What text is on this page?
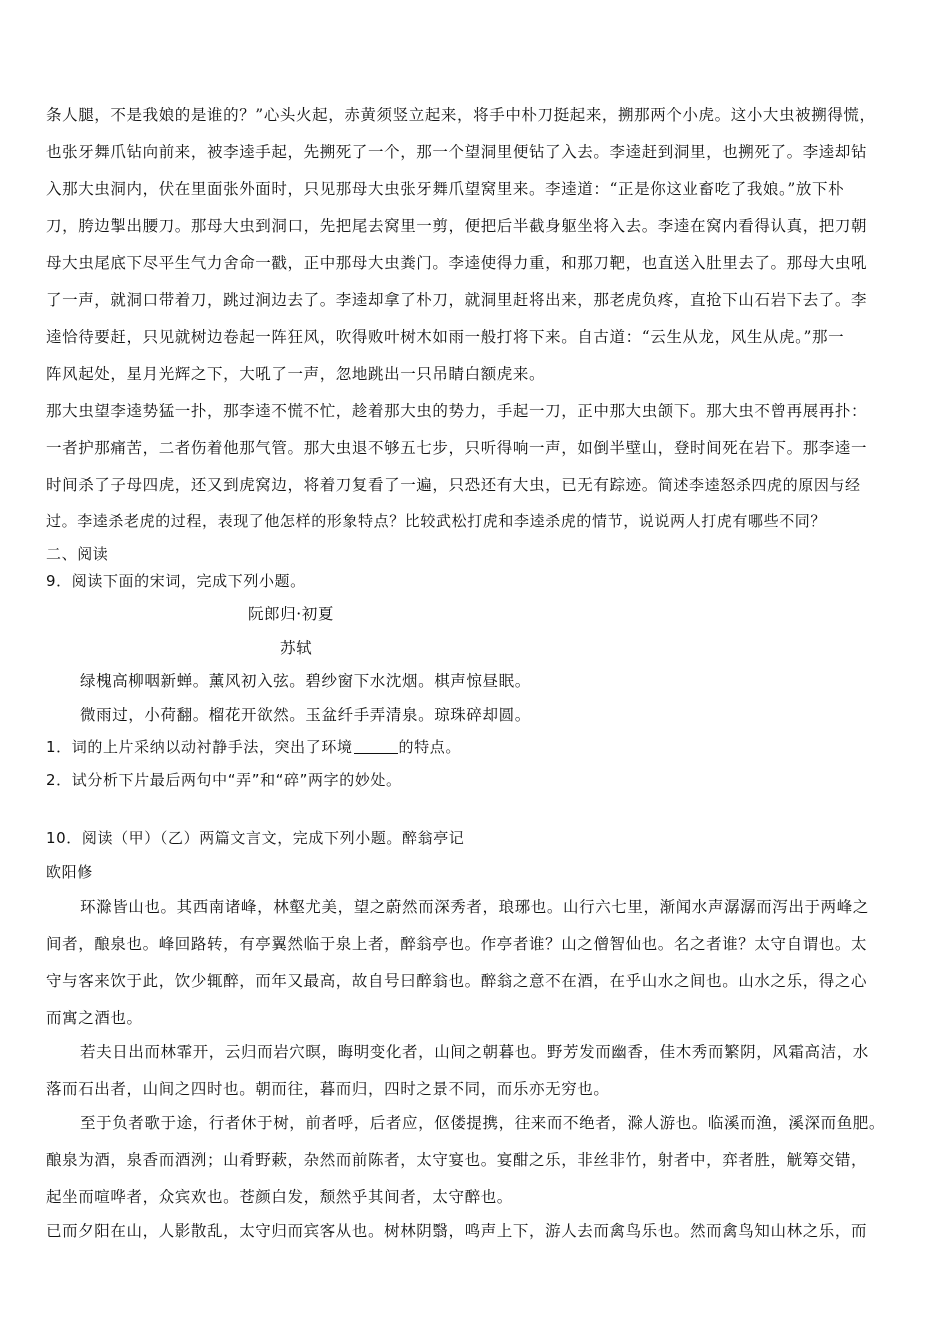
条人腿，不是我娘的是谁的？”心头火起，赤黄须竖立起来，将手中朴刀挺起来，搠那两个小虎。这小大虫被搠得慌，
也张牙舞爪钻向前来，被李逵手起，先搠死了一个，那一个望洞里便钻了入去。李逵赶到洞里，也搠死了。李逵却钻
入那大虫洞内，伏在里面张外面时，只见那母大虫张牙舞爪望窝里来。李逵道：“正是你这业畜吃了我娘。”放下朴
刀，胯边掣出腰刀。那母大虫到洞口，先把尾去窝里一剪，便把后半截身躯坐将入去。李逵在窝内看得认真，把刀朝
母大虫尾底下尽平生气力舍命一戳，正中那母大虫粪门。李逵使得力重，和那刀靶，也直送入肚里去了。那母大虫吼
了一声，就洞口带着刀，跳过涧边去了。李逵却拿了朴刀，就洞里赶将出来，那老虎负疼，直抢下山石岩下去了。李
逵恰待要赶，只见就树边卷起一阵狂风，吹得败叶树木如雨一般打将下来。自古道：“云生从龙，风生从虎。”那一
阵风起处，星月光辉之下，大吼了一声，忽地跳出一只吊睛白额虎来。
那大虫望李逵势猛一扑，那李逵不慌不忙，趁着那大虫的势力，手起一刀，正中那大虫颌下。那大虫不曾再展再扑：
一者护那痛苦，二者伤着他那气管。那大虫退不够五七步，只听得响一声，如倒半壁山，登时间死在岩下。那李逵一
时间杀了子母四虎，还又到虎窝边，将着刀复看了一遍，只恐还有大虫，已无有踪迹。简述李逵怒杀四虎的原因与经
过。李逵杀老虎的过程，表现了他怎样的形象特点？比较武松打虎和李逵杀虎的情节，说说两人打虎有哪些不同？
二、阅读
9．阅读下面的宋词，完成下列小题。
阮郎归·初夏
苏轼
绿槐高柳咽新蝉。薰风初入弦。碧纱窗下水沈烟。棋声惊昼眠。
微雨过，小荷翻。榴花开欲然。玉盆纤手弄清泉。琼珠碎却圆。
1．词的上片采纳以动衬静手法，突出了环境	的特点。
2．试分析下片最后两句中“弄”和“碎”两字的妙处。
10．阅读（甲）（乙）两篇文言文，完成下列小题。醉翁亭记
欧阳修
环滁皆山也。其西南诸峰，林壑尤美，望之蔚然而深秀者，琅琊也。山行六七里，渐闻水声潺潺而泻出于两峰之
间者，酿泉也。峰回路转，有亭翼然临于泉上者，醉翁亭也。作亭者谁？山之僧智仙也。名之者谁？太守自谓也。太
守与客来饮于此，饮少辄醉，而年又最高，故自号曰醉翁也。醉翁之意不在酒，在乎山水之间也。山水之乐，得之心
而寓之酒也。
若夫日出而林霏开，云归而岩穴暝，晦明变化者，山间之朝暮也。野芳发而幽香，佳木秀而繁阴，风霜高洁，水
落而石出者，山间之四时也。朝而往，暮而归，四时之景不同，而乐亦无穷也。
至于负者歌于途，行者休于树，前者呼，后者应，伛偻提携，往来而不绝者，滁人游也。临溪而渔，溪深而鱼肥。
酿泉为酒，泉香而酒洌；山肴野蔌，杂然而前陈者，太守宴也。宴酣之乐，非丝非竹，射者中，弈者胜，觥筹交错，
起坐而喧哗者，众宾欢也。苍颜白发，颓然乎其间者，太守醉也。
已而夕阳在山，人影散乱，太守归而宾客从也。树林阴翳，鸣声上下，游人去而禽鸟乐也。然而禽鸟知山林之乐，而
